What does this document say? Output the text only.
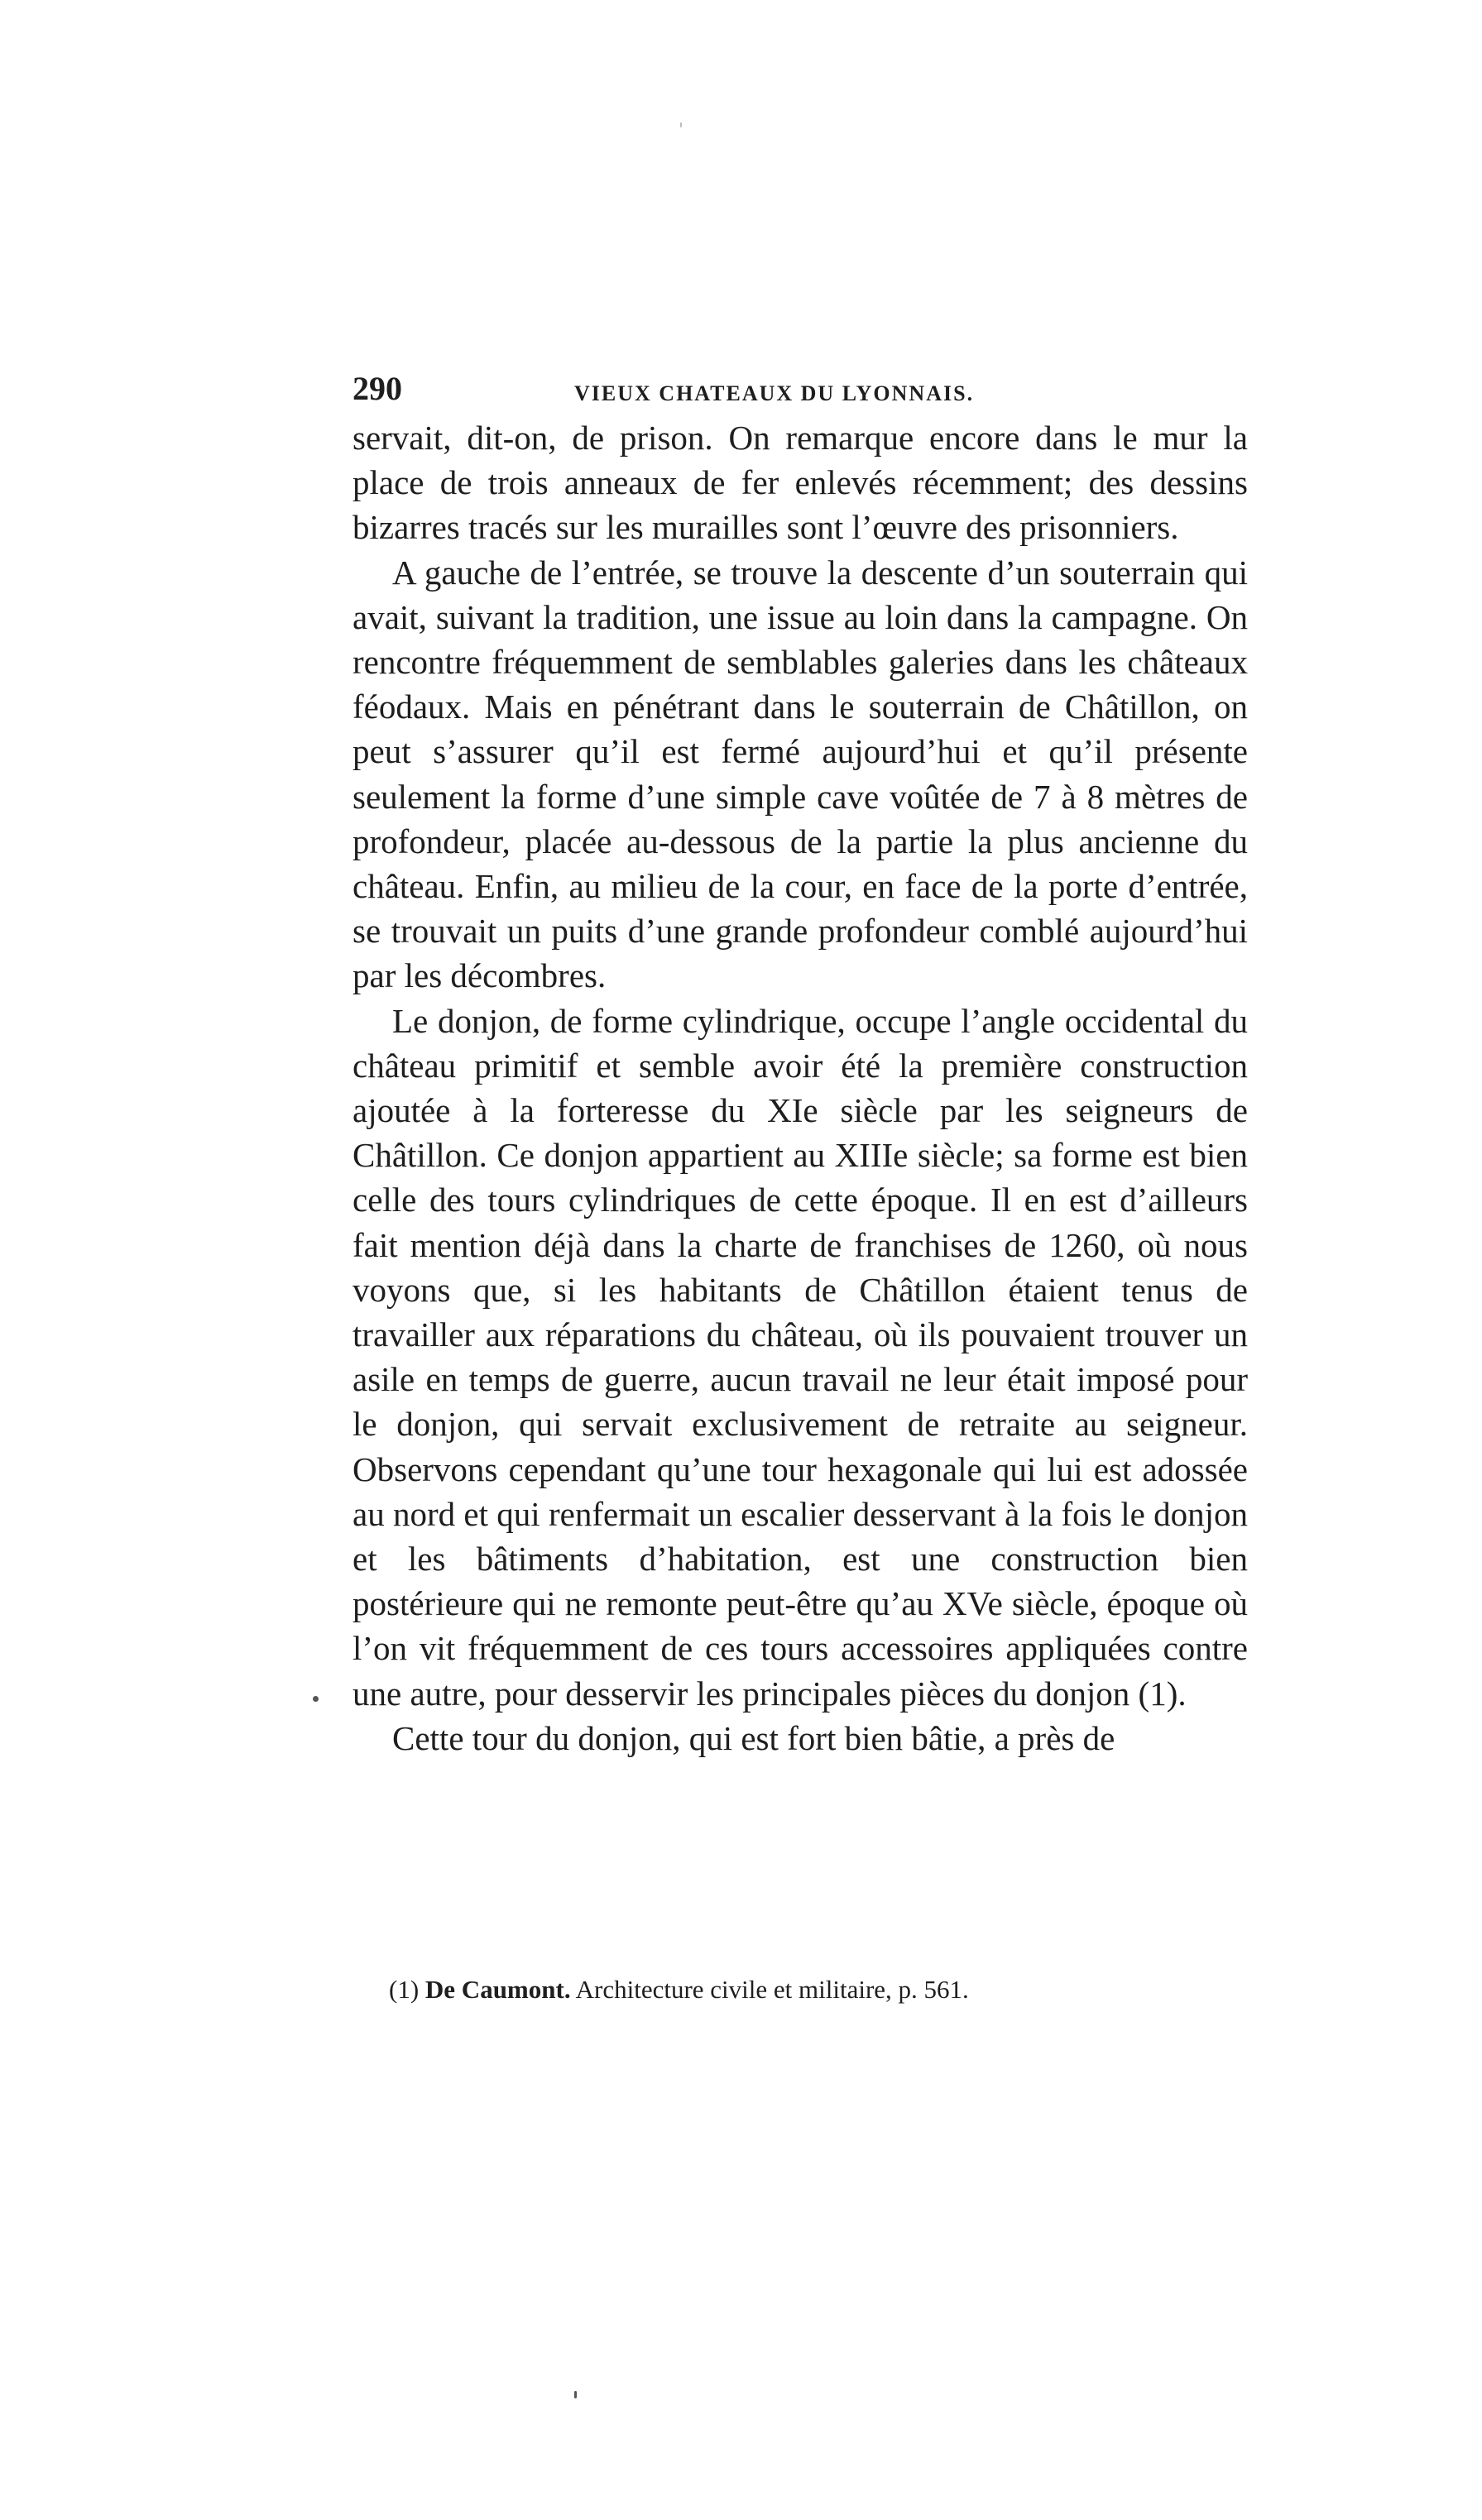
290	VIEUX CHATEAUX DU LYONNAIS.

servait, dit-on, de prison. On remarque encore dans le mur la place de trois anneaux de fer enlevés récemment; des dessins bizarres tracés sur les murailles sont l’œuvre des prisonniers.

A gauche de l’entrée, se trouve la descente d’un souterrain qui avait, suivant la tradition, une issue au loin dans la campagne. On rencontre fréquemment de semblables galeries dans les châteaux féodaux. Mais en pénétrant dans le souterrain de Châtillon, on peut s’assurer qu’il est fermé aujourd’hui et qu’il présente seulement la forme d’une simple cave voûtée de 7 à 8 mètres de profondeur, placée au-dessous de la partie la plus ancienne du château. Enfin, au milieu de la cour, en face de la porte d’entrée, se trouvait un puits d’une grande profondeur comblé aujourd’hui par les décombres.

Le donjon, de forme cylindrique, occupe l’angle occidental du château primitif et semble avoir été la première construction ajoutée à la forteresse du XIe siècle par les seigneurs de Châtillon. Ce donjon appartient au XIIIe siècle; sa forme est bien celle des tours cylindriques de cette époque. Il en est d’ailleurs fait mention déjà dans la charte de franchises de 1260, où nous voyons que, si les habitants de Châtillon étaient tenus de travailler aux réparations du château, où ils pouvaient trouver un asile en temps de guerre, aucun travail ne leur était imposé pour le donjon, qui servait exclusivement de retraite au seigneur. Observons cependant qu’une tour hexagonale qui lui est adossée au nord et qui renfermait un escalier desservant à la fois le donjon et les bâtiments d’habitation, est une construction bien postérieure qui ne remonte peut-être qu’au XVe siècle, époque où l’on vit fréquemment de ces tours accessoires appliquées contre une autre, pour desservir les principales pièces du donjon (1).

Cette tour du donjon, qui est fort bien bâtie, a près de

(1) De Caumont. Architecture civile et militaire, p. 561.
